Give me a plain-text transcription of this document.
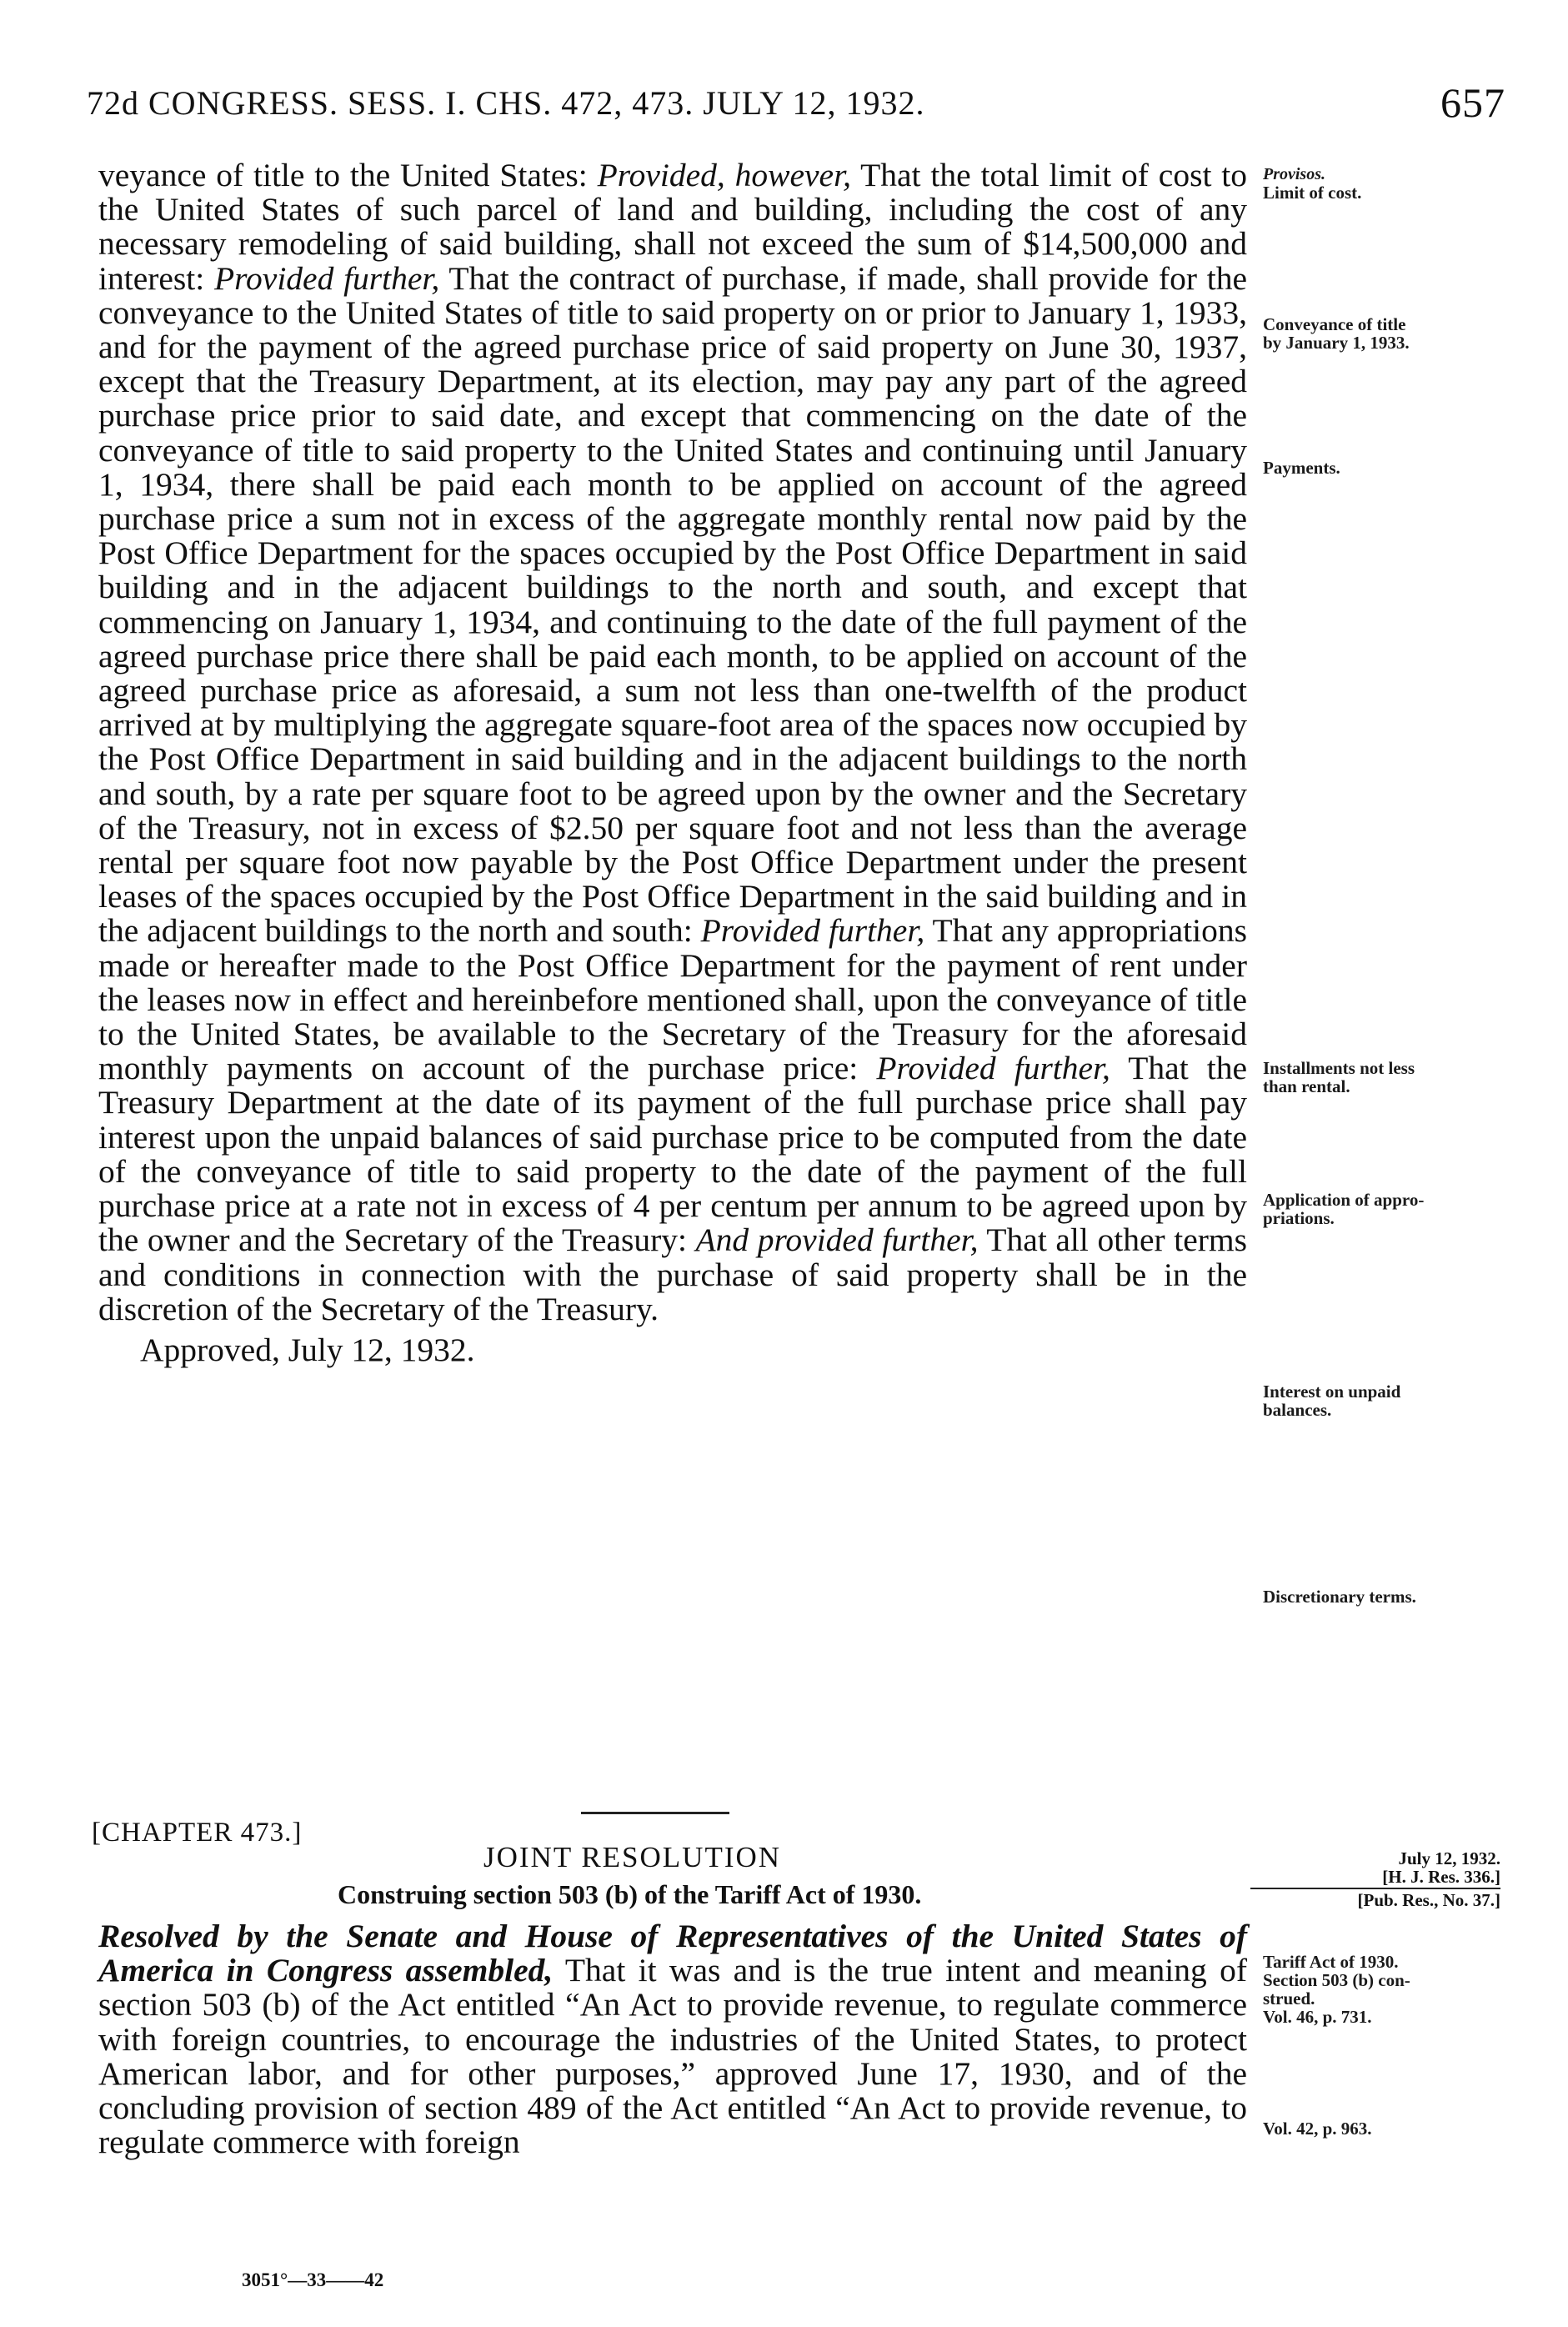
72d CONGRESS. SESS. I. CHS. 472, 473. JULY 12, 1932.	657

veyance of title to the United States: Provided, however, That the total limit of cost to the United States of such parcel of land and building, including the cost of any necessary remodeling of said building, shall not exceed the sum of $14,500,000 and interest: Provided further, That the contract of purchase, if made, shall provide for the conveyance to the United States of title to said property on or prior to January 1, 1933, and for the payment of the agreed purchase price of said property on June 30, 1937, except that the Treasury Department, at its election, may pay any part of the agreed purchase price prior to said date, and except that commencing on the date of the conveyance of title to said property to the United States and continuing until January 1, 1934, there shall be paid each month to be applied on account of the agreed purchase price a sum not in excess of the aggregate monthly rental now paid by the Post Office Department for the spaces occupied by the Post Office Department in said building and in the adjacent buildings to the north and south, and except that commencing on January 1, 1934, and continuing to the date of the full payment of the agreed purchase price there shall be paid each month, to be applied on account of the agreed purchase price as aforesaid, a sum not less than one-twelfth of the product arrived at by multiplying the aggregate square-foot area of the spaces now occupied by the Post Office Department in said building and in the adjacent buildings to the north and south, by a rate per square foot to be agreed upon by the owner and the Secretary of the Treasury, not in excess of $2.50 per square foot and not less than the average rental per square foot now payable by the Post Office Department under the present leases of the spaces occupied by the Post Office Department in the said building and in the adjacent buildings to the north and south: Provided further, That any appropriations made or hereafter made to the Post Office Department for the payment of rent under the leases now in effect and hereinbefore mentioned shall, upon the conveyance of title to the United States, be available to the Secretary of the Treasury for the aforesaid monthly payments on account of the purchase price: Provided further, That the Treasury Department at the date of its payment of the full purchase price shall pay interest upon the unpaid balances of said purchase price to be computed from the date of the conveyance of title to said property to the date of the payment of the full purchase price at a rate not in excess of 4 per centum per annum to be agreed upon by the owner and the Secretary of the Treasury: And provided further, That all other terms and conditions in connection with the purchase of said property shall be in the discretion of the Secretary of the Treasury.

Approved, July 12, 1932.

Provisos.
Limit of cost.
Conveyance of title
by January 1, 1933.
Payments.
Installments not less
than rental.
Application of appro-
priations.
Interest on unpaid
balances.
Discretionary terms.
Tariff Act of 1930.
Section 503 (b) con-
strued.
Vol. 46, p. 731.
Vol. 42, p. 963.
[CHAPTER 473.]
JOINT RESOLUTION
Construing section 503 (b) of the Tariff Act of 1930.
July 12, 1932.
[H. J. Res. 336.]
[Pub. Res., No. 37.]

Resolved by the Senate and House of Representatives of the United States of America in Congress assembled, That it was and is the true intent and meaning of section 503 (b) of the Act entitled “An Act to provide revenue, to regulate commerce with foreign countries, to encourage the industries of the United States, to protect American labor, and for other purposes,” approved June 17, 1930, and of the concluding provision of section 489 of the Act entitled “An Act to provide revenue, to regulate commerce with foreign

3051°—33——42
